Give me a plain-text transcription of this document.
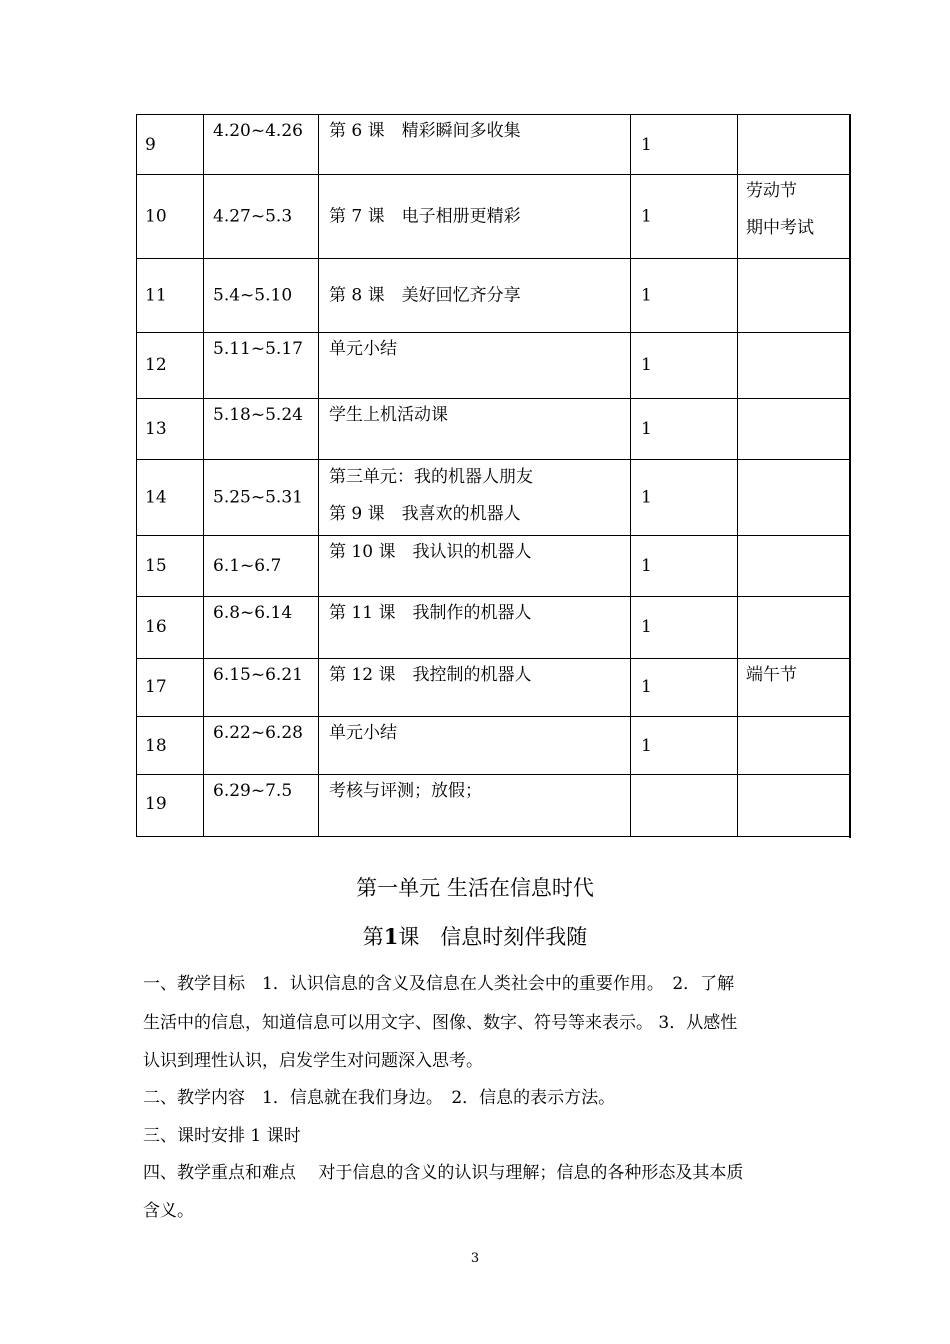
9	4.20~4.26	第 6 课　精彩瞬间多收集	1	

10	4.27~5.3	第 7 课　电子相册更精彩	1	劳动节
期中考试

11	5.4~5.10	第 8 课　美好回忆齐分享	1	

12	5.11~5.17	单元小结	1	

13	5.18~5.24	学生上机活动课	1	

14	5.25~5.31	第三单元：我的机器人朋友
第 9 课　我喜欢的机器人	1	

15	6.1~6.7	第 10 课　我认识的机器人	1	

16	6.8~6.14	第 11 课　我制作的机器人	1	

17	6.15~6.21	第 12 课　我控制的机器人	1	端午节

18	6.22~6.28	单元小结	1	

19	6.29~7.5	考核与评测；放假；		

第一单元 生活在信息时代
第1课　信息时刻伴我随
一、教学目标　1．认识信息的含义及信息在人类社会中的重要作用。　2．了解
生活中的信息，知道信息可以用文字、图像、数字、符号等来表示。 3．从感性
认识到理性认识，启发学生对问题深入思考。
二、教学内容　1．信息就在我们身边。　2．信息的表示方法。
三、课时安排 1 课时
四、教学重点和难点　 对于信息的含义的认识与理解；信息的各种形态及其本质
含义。
3
